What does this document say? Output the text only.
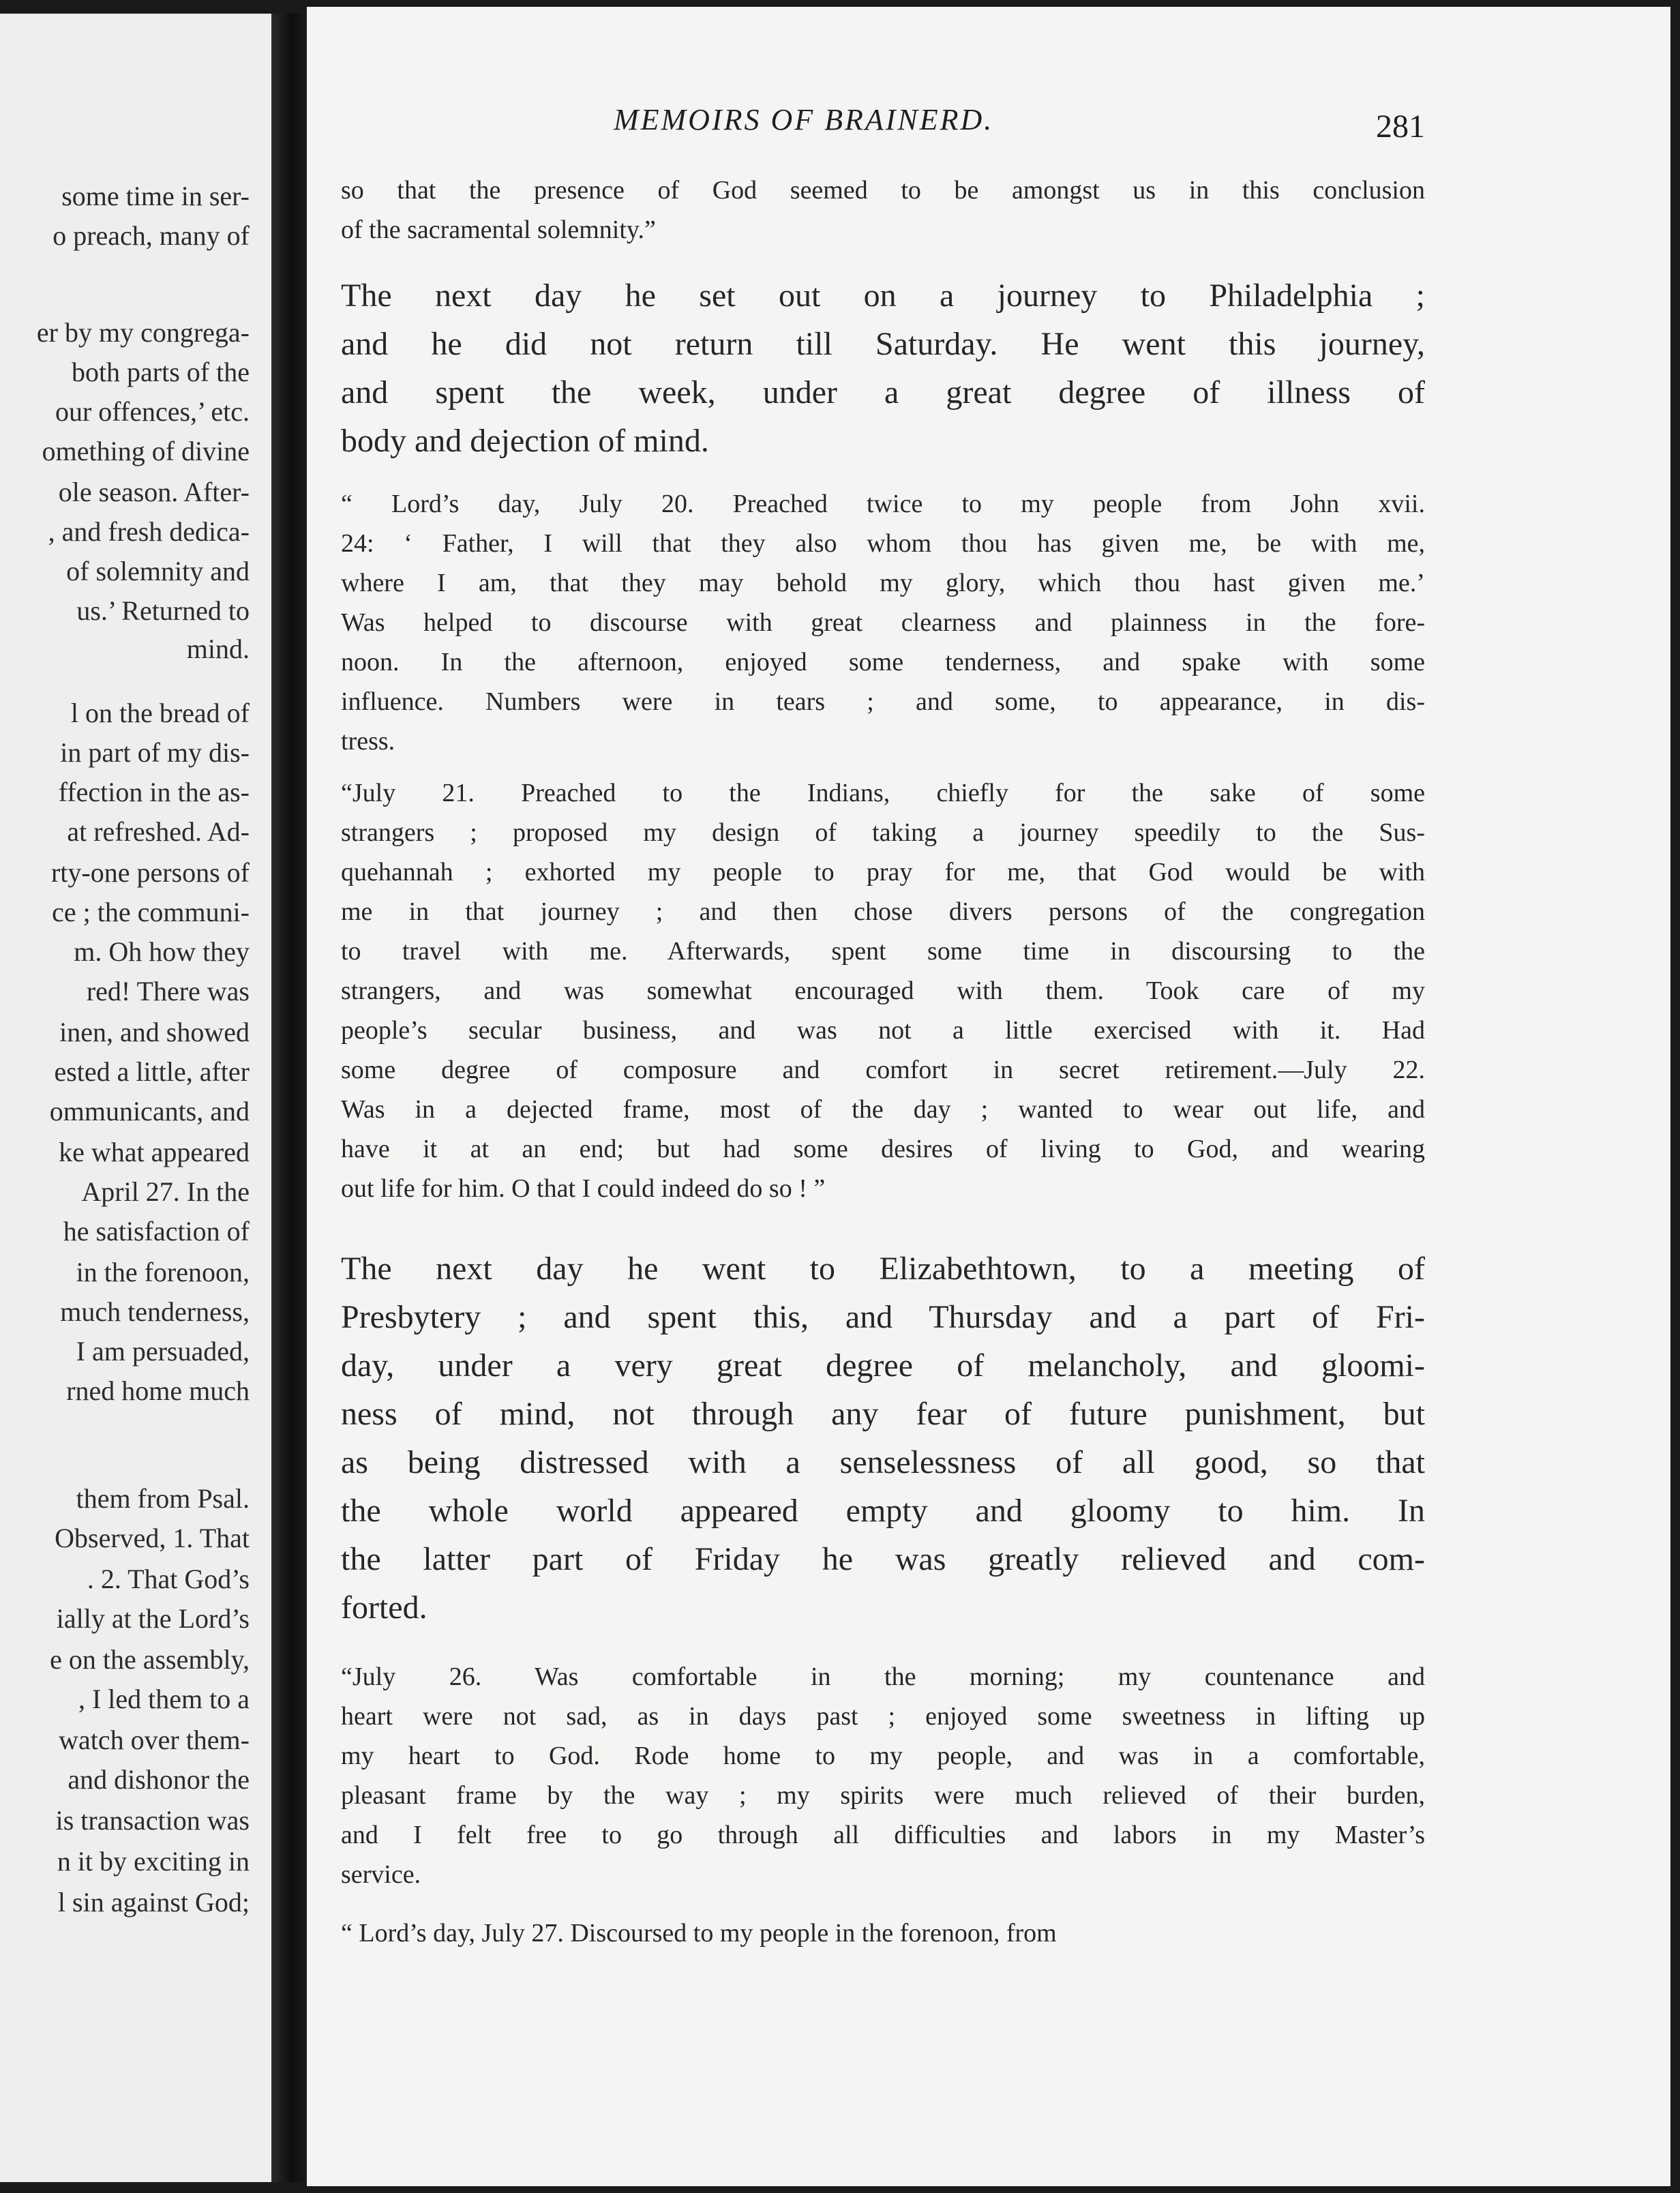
some time in ser-
o preach, many of
er by my congrega-
both parts of the
our offences,’ etc.
omething of divine
ole season. After-
, and fresh dedica-
of solemnity and
us.’ Returned to
mind.
l on the bread of
in part of my dis-
ffection in the as-
at refreshed. Ad-
rty-one persons of
ce ; the communi-
m. Oh how they
red! There was
inen, and showed
ested a little, after
ommunicants, and
ke what appeared
April 27. In the
he satisfaction of
in the forenoon,
much tenderness,
I am persuaded,
rned home much
them from Psal.
Observed, 1. That
. 2. That God’s
ially at the Lord’s
e on the assembly,
, I led them to a
watch over them-
and dishonor the
is transaction was
n it by exciting in
l sin against God;
MEMOIRS OF BRAINERD.	281
so that the presence of God seemed to be amongst us in this conclusion
of the sacramental solemnity.”
The next day he set out on a journey to Philadelphia ;
and he did not return till Saturday. He went this journey,
and spent the week, under a great degree of illness of
body and dejection of mind.
“ Lord’s day, July 20. Preached twice to my people from John xvii.
24: ‘ Father, I will that they also whom thou has given me, be with me,
where I am, that they may behold my glory, which thou hast given me.’
Was helped to discourse with great clearness and plainness in the fore-
noon. In the afternoon, enjoyed some tenderness, and spake with some
influence. Numbers were in tears ; and some, to appearance, in dis-
tress.
“July 21. Preached to the Indians, chiefly for the sake of some
strangers ; proposed my design of taking a journey speedily to the Sus-
quehannah ; exhorted my people to pray for me, that God would be with
me in that journey ; and then chose divers persons of the congregation
to travel with me. Afterwards, spent some time in discoursing to the
strangers, and was somewhat encouraged with them. Took care of my
people’s secular business, and was not a little exercised with it. Had
some degree of composure and comfort in secret retirement.—July 22.
Was in a dejected frame, most of the day ; wanted to wear out life, and
have it at an end; but had some desires of living to God, and wearing
out life for him. O that I could indeed do so ! ”
The next day he went to Elizabethtown, to a meeting of
Presbytery ; and spent this, and Thursday and a part of Fri-
day, under a very great degree of melancholy, and gloomi-
ness of mind, not through any fear of future punishment, but
as being distressed with a senselessness of all good, so that
the whole world appeared empty and gloomy to him. In
the latter part of Friday he was greatly relieved and com-
forted.
“July 26. Was comfortable in the morning; my countenance and
heart were not sad, as in days past ; enjoyed some sweetness in lifting up
my heart to God. Rode home to my people, and was in a comfortable,
pleasant frame by the way ; my spirits were much relieved of their burden,
and I felt free to go through all difficulties and labors in my Master’s
service.
“ Lord’s day, July 27. Discoursed to my people in the forenoon, from
